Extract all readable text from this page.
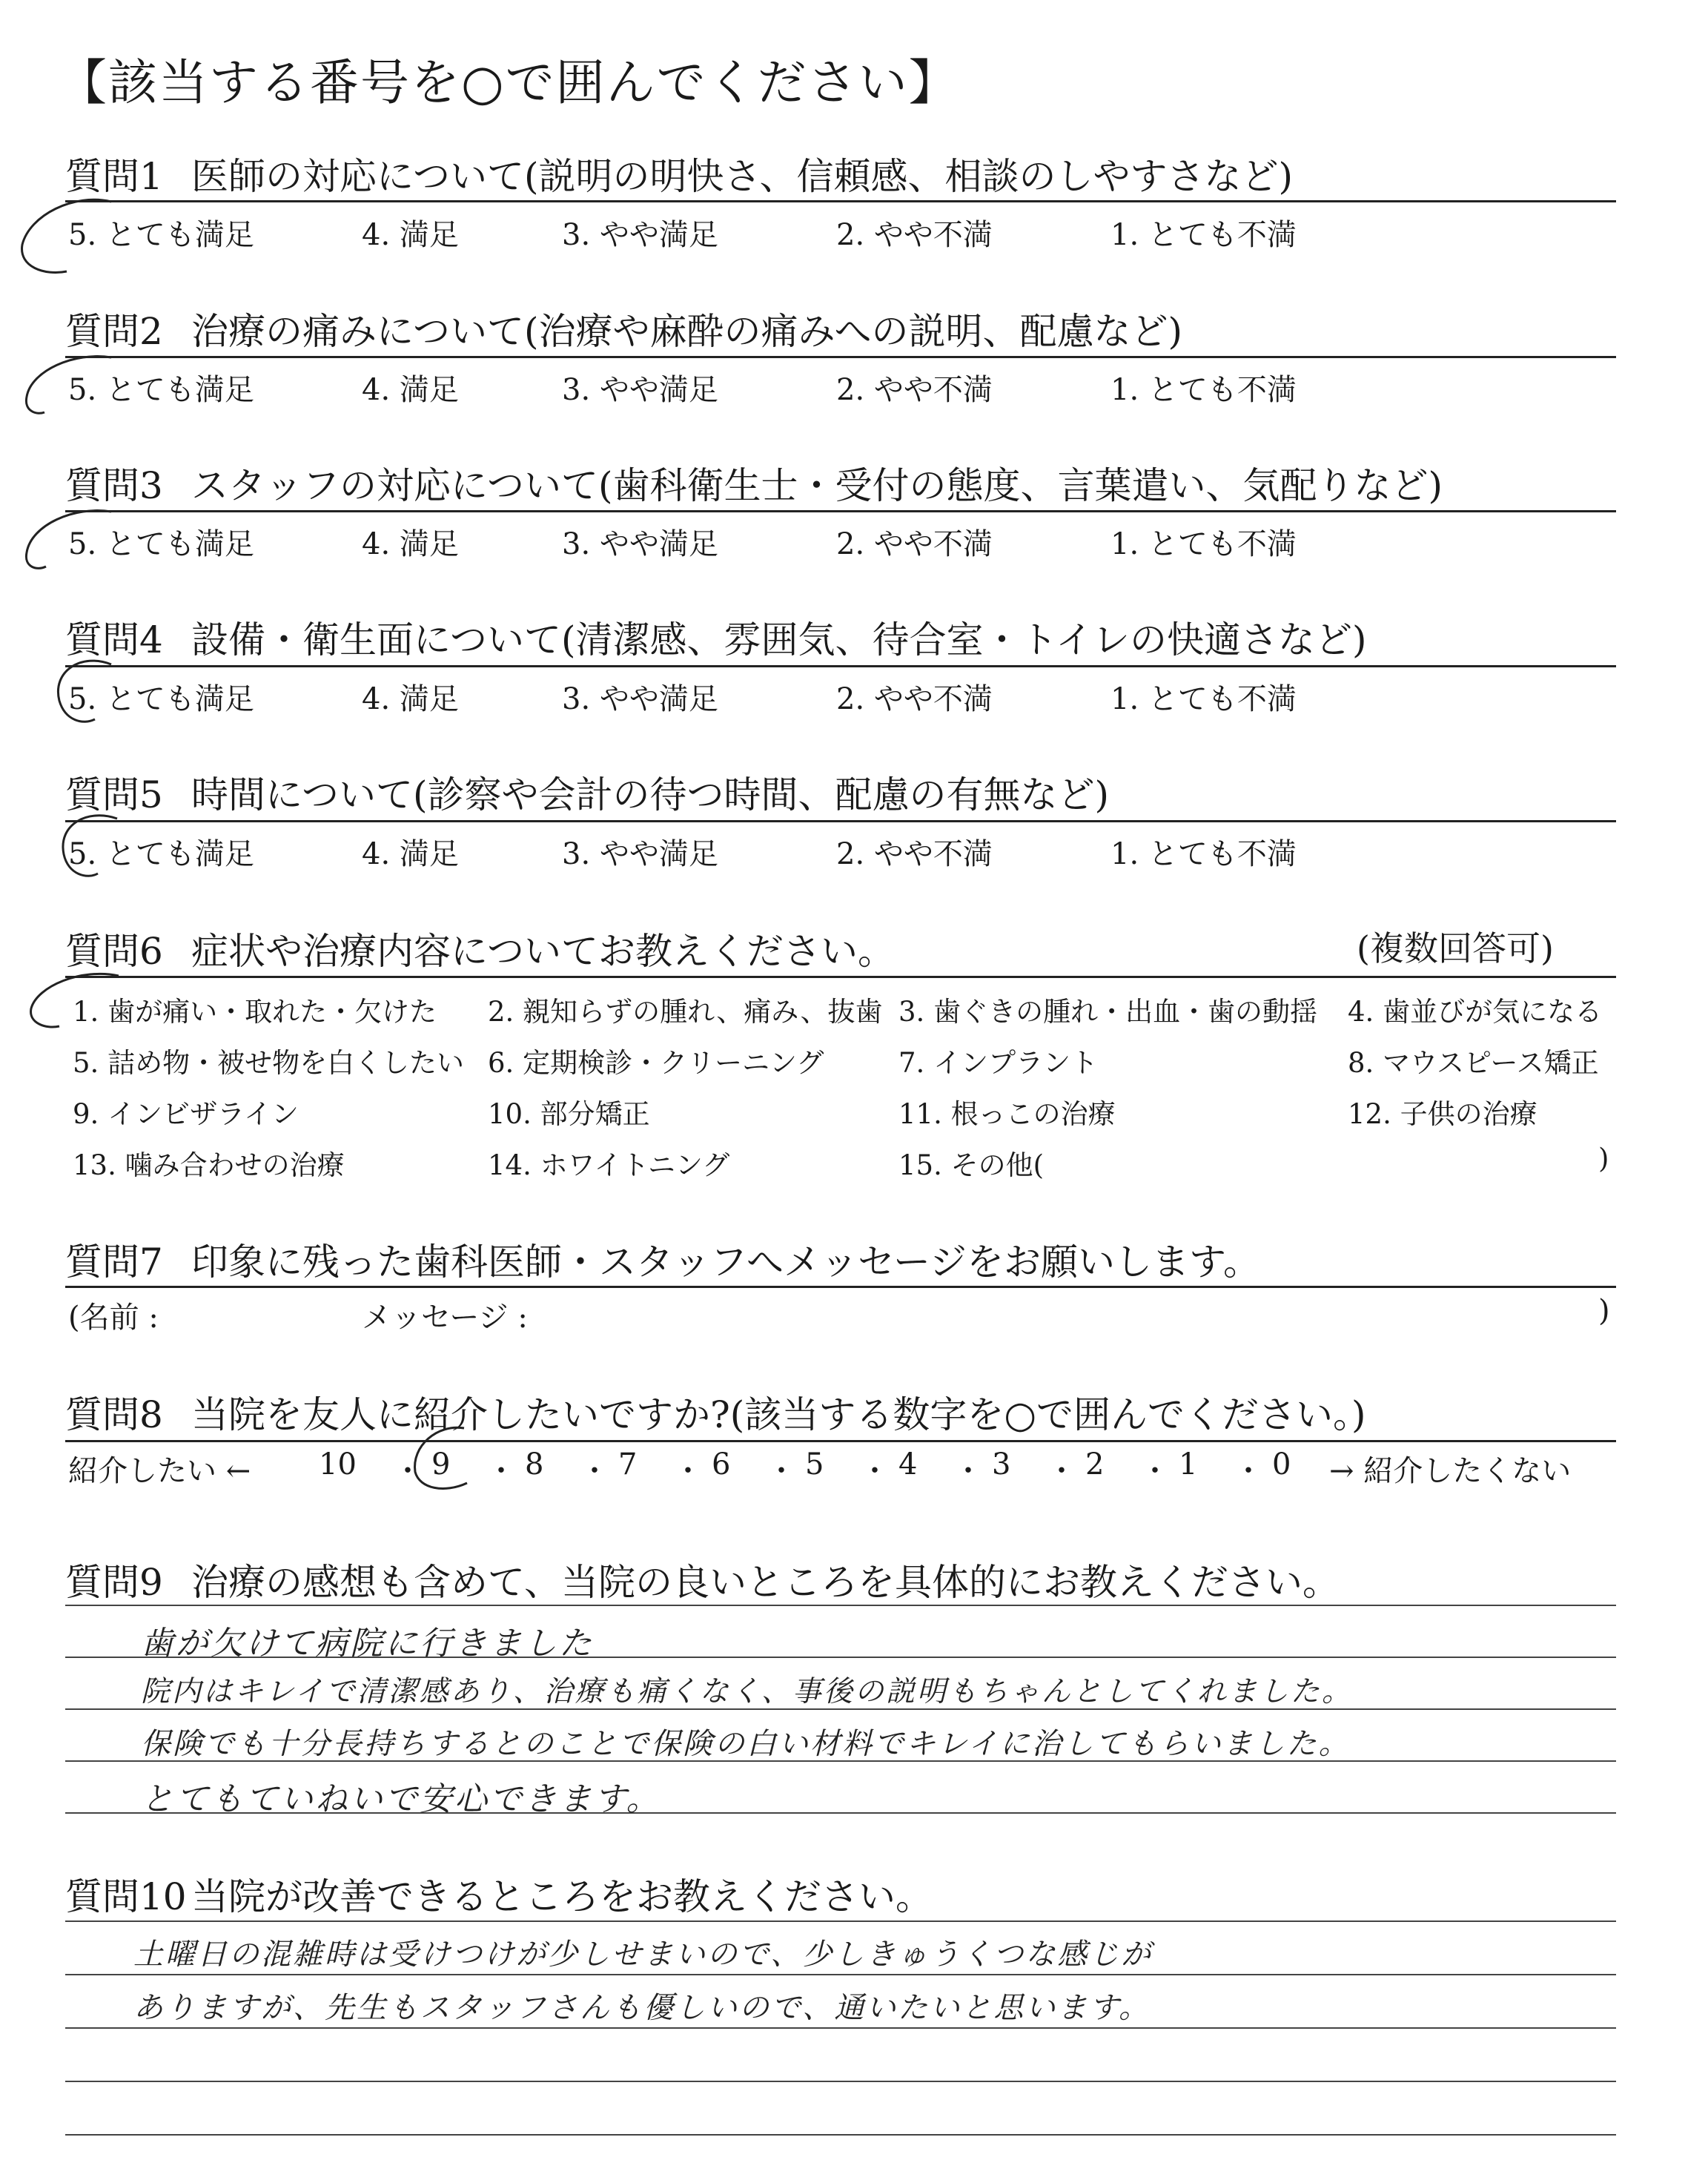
【該当する番号を○で囲んでください】
質問1 医師の対応について(説明の明快さ、信頼感、相談のしやすさなど)
5. とても満足	4. 満足	3. やや満足	2. やや不満	1. とても不満
質問2 治療の痛みについて(治療や麻酔の痛みへの説明、配慮など)
5. とても満足	4. 満足	3. やや満足	2. やや不満	1. とても不満
質問3 スタッフの対応について(歯科衛生士・受付の態度、言葉遣い、気配りなど)
5. とても満足	4. 満足	3. やや満足	2. やや不満	1. とても不満
質問4 設備・衛生面について(清潔感、雰囲気、待合室・トイレの快適さなど)
5. とても満足	4. 満足	3. やや満足	2. やや不満	1. とても不満
質問5 時間について(診察や会計の待つ時間、配慮の有無など)
5. とても満足	4. 満足	3. やや満足	2. やや不満	1. とても不満
質問6 症状や治療内容についてお教えください。	(複数回答可)
1. 歯が痛い・取れた・欠けた 2. 親知らずの腫れ、痛み、抜歯 3. 歯ぐきの腫れ・出血・歯の動揺 4. 歯並びが気になる
5. 詰め物・被せ物を白くしたい 6. 定期検診・クリーニング	7. インプラント	8. マウスピース矯正
9. インビザライン	10. 部分矯正	11. 根っこの治療	12. 子供の治療
13. 噛み合わせの治療	14. ホワイトニング	15. その他(	)
質問7 印象に残った歯科医師・スタッフへメッセージをお願いします。
(名前 :	メッセージ :	)
質問8 当院を友人に紹介したいですか?(該当する数字を○で囲んでください。)
紹介したい ←	→ 紹介したくない
10 ・ 9 ・ 8 ・ 7 ・ 6 ・ 5 ・ 4 ・ 3 ・ 2 ・ 1 ・ 0
質問9 治療の感想も含めて、当院の良いところを具体的にお教えください。
歯が欠けて病院に行きました
院内はキレイで清潔感あり、治療も痛くなく、事後の説明もちゃんとしてくれました。
保険でも十分長持ちするとのことで保険の白い材料でキレイに治してもらいました。
とてもていねいで安心できます。
質問10 当院が改善できるところをお教えください。
土曜日の混雑時は受けつけが少しせまいので、少しきゅうくつな感じが
ありますが、先生もスタッフさんも優しいので、通いたいと思います。
